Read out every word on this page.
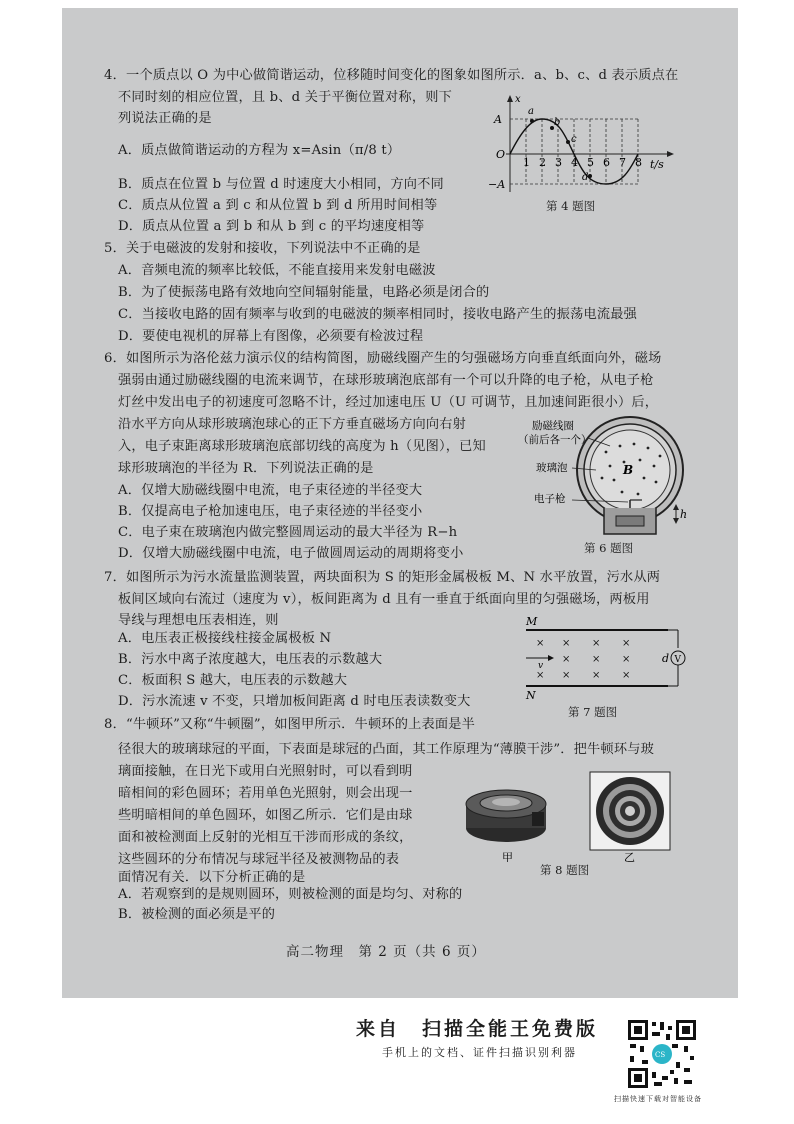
4．一个质点以 O 为中心做简谐运动，位移随时间变化的图象如图所示．a、b、c、d 表示质点在
不同时刻的相应位置，且 b、d 关于平衡位置对称，则下
列说法正确的是
A．质点做简谐运动的方程为 x=Asin（π/8 t）
B．质点在位置 b 与位置 d 时速度大小相同，方向不同
C．质点从位置 a 到 c 和从位置 b 到 d 所用时间相等
D．质点从位置 a 到 b 和从 b 到 c 的平均速度相等
x
A
−A
O
t/s
a
b
c
d
1 2 3 4 5 6 7 8
第 4 题图
5．关于电磁波的发射和接收，下列说法中不正确的是
A．音频电流的频率比较低，不能直接用来发射电磁波
B．为了使振荡电路有效地向空间辐射能量，电路必须是闭合的
C．当接收电路的固有频率与收到的电磁波的频率相同时，接收电路产生的振荡电流最强
D．要使电视机的屏幕上有图像，必须要有检波过程
6．如图所示为洛伦兹力演示仪的结构简图，励磁线圈产生的匀强磁场方向垂直纸面向外，磁场
强弱由通过励磁线圈的电流来调节，在球形玻璃泡底部有一个可以升降的电子枪，从电子枪
灯丝中发出电子的初速度可忽略不计，经过加速电压 U（U 可调节，且加速间距很小）后，
沿水平方向从球形玻璃泡球心的正下方垂直磁场方向向右射
入，电子束距离球形玻璃泡底部切线的高度为 h（见图），已知
球形玻璃泡的半径为 R．下列说法正确的是
A．仅增大励磁线圈中电流，电子束径迹的半径变大
B．仅提高电子枪加速电压，电子束径迹的半径变小
C．电子束在玻璃泡内做完整圆周运动的最大半径为 R−h
D．仅增大励磁线圈中电流，电子做圆周运动的周期将变小
B
h
励磁线圈
（前后各一个）
玻璃泡
电子枪
第 6 题图
7．如图所示为污水流量监测装置，两块面积为 S 的矩形金属极板 M、N 水平放置，污水从两
板间区域向右流过（速度为 v），板间距离为 d 且有一垂直于纸面向里的匀强磁场，两板用
导线与理想电压表相连，则
A．电压表正极接线柱接金属极板 N
B．污水中离子浓度越大，电压表的示数越大
C．板面积 S 越大，电压表的示数越大
D．污水流速 v 不变，只增加板间距离 d 时电压表读数变大
V
M
N
d
× × × ×
× × ×
× × × ×
v
第 7 题图
8．“牛顿环”又称“牛顿圈”，如图甲所示．牛顿环的上表面是半
径很大的玻璃球冠的平面，下表面是球冠的凸面，其工作原理为“薄膜干涉”．把牛顿环与玻
璃面接触，在日光下或用白光照射时，可以看到明
暗相间的彩色圆环；若用单色光照射，则会出现一
些明暗相间的单色圆环，如图乙所示．它们是由球
面和被检测面上反射的光相互干涉而形成的条纹，
这些圆环的分布情况与球冠半径及被测物品的表
面情况有关．以下分析正确的是
A．若观察到的是规则圆环，则被检测的面是均匀、对称的
B．被检测的面必须是平的
甲	乙
第 8 题图
高二物理　第 2 页（共 6 页）
来自　扫描全能王免费版
手机上的文档、证件扫描识别利器	CS
扫描快速下载对智能设备
